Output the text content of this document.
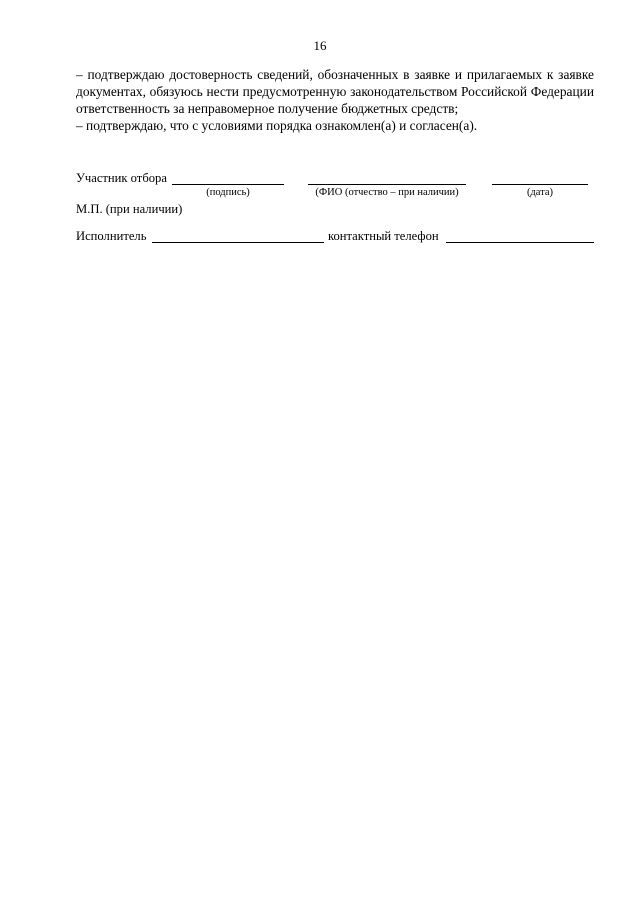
16

– подтверждаю достоверность сведений, обозначенных в заявке и прилагаемых к заявке документах, обязуюсь нести предусмотренную законодательством Российской Федерации ответственность за неправомерное получение бюджетных средств;

– подтверждаю, что с условиями порядка ознакомлен(а) и согласен(а).

Участник отбора
(подпись)	(ФИО (отчество – при наличии)	(дата)
М.П. (при наличии)
Исполнитель	контактный телефон
